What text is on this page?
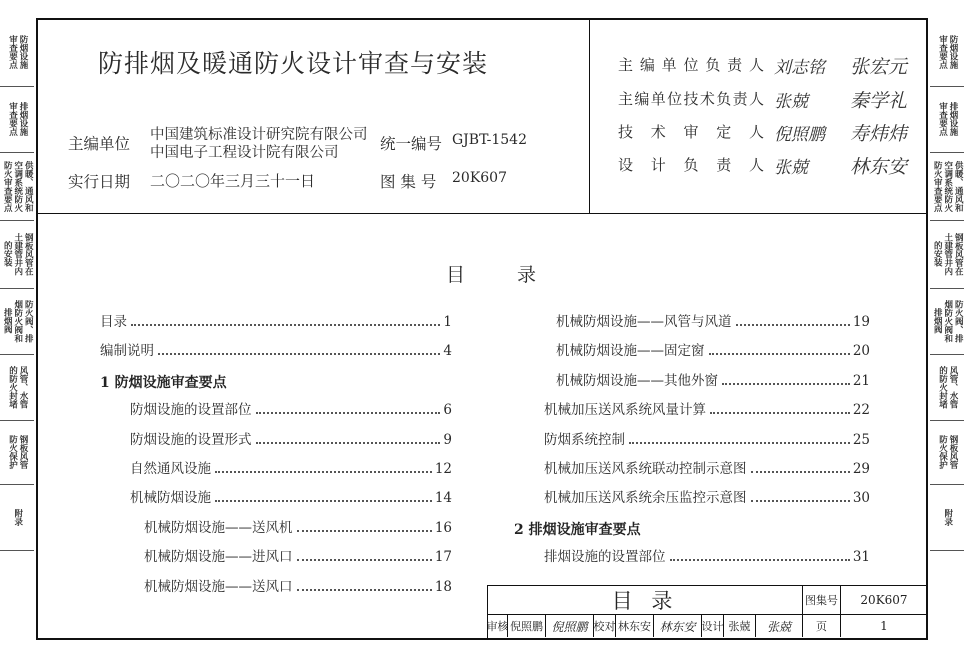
审查要点 防烟设施
审查要点 排烟设施
防火审查要点 空调系统防火 供暖、通风和
的安装 土建管井内 钢板风管在
排烟阀 烟防火阀和 防火阀、排
的防火封堵 风管、水管
防火保护 钢板风管
附录
审查要点 防烟设施
审查要点 排烟设施
防火审查要点 空调系统防火 供暖、通风和
的安装 土建管井内 钢板风管在
排烟阀 烟防火阀和 防火阀、排
的防火封堵 风管、水管
防火保护 钢板风管
附录
防排烟及暖通防火设计审查与安装
主编单位 中国建筑标准设计研究院有限公司
中国电子工程设计院有限公司	统一编号 GJBT-1542
实行日期 二〇二〇年三月三十一日	图 集 号 20K607
主编单位负责人 刘志铭 张宏元
主编单位技术负责人 张兢 秦学礼
技术审定人 倪照鹏 寿炜炜
设计负责人 张兢 林东安
目录
目录	1
编制说明	4
1 防烟设施审查要点
防烟设施的设置部位	6
防烟设施的设置形式	9
自然通风设施	12
机械防烟设施	14
机械防烟设施——送风机	16
机械防烟设施——进风口	17
机械防烟设施——送风口	18
机械防烟设施——风管与风道	19
机械防烟设施——固定窗	20
机械防烟设施——其他外窗	21
机械加压送风系统风量计算	22
防烟系统控制	25
机械加压送风系统联动控制示意图	29
机械加压送风系统余压监控示意图	30
2 排烟设施审查要点
排烟设施的设置部位	31
目 录	图集号	20K607
审核 倪照鹏 倪照鹏 校对 林东安 林东安 设计 张兢	张兢	页	1
